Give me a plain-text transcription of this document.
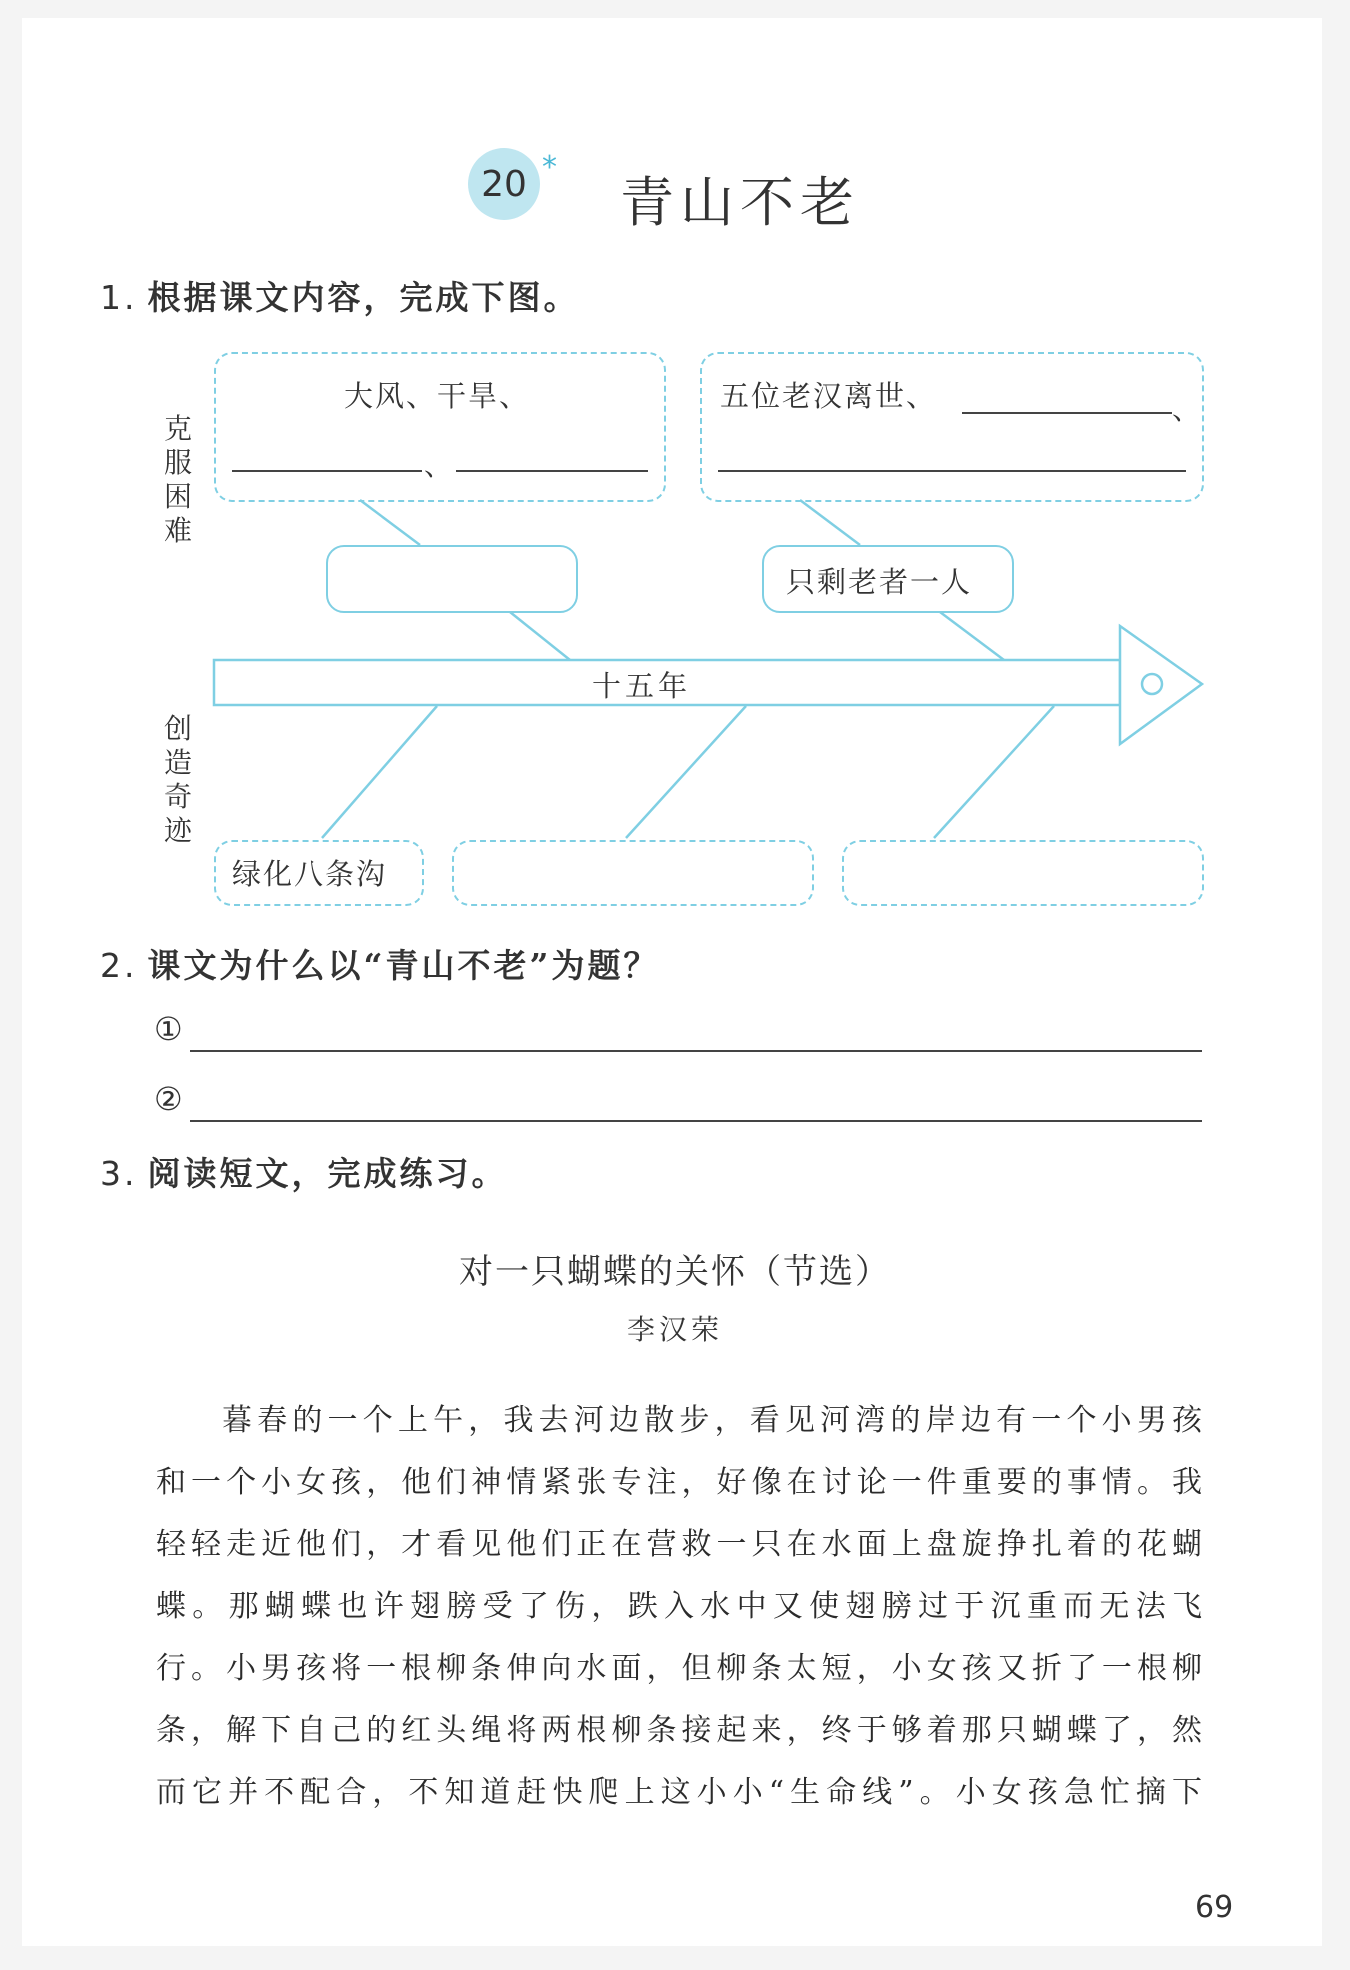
20 *
青山不老
1. 根据课文内容，完成下图。
克
服
困
难
创
造
奇
迹
大风、干旱、
、
五位老汉离世、	、
只剩老者一人
十五年
绿化八条沟
2. 课文为什么以“青山不老”为题？
①
②
3. 阅读短文，完成练习。
对一只蝴蝶的关怀（节选）
李汉荣

暮春的一个上午，我去河边散步，看见河湾的岸边有一个小男孩

和一个小女孩，他们神情紧张专注，好像在讨论一件重要的事情。我

轻轻走近他们，才看见他们正在营救一只在水面上盘旋挣扎着的花蝴

蝶。那蝴蝶也许翅膀受了伤，跌入水中又使翅膀过于沉重而无法飞

行。小男孩将一根柳条伸向水面，但柳条太短，小女孩又折了一根柳

条，解下自己的红头绳将两根柳条接起来，终于够着那只蝴蝶了，然

而它并不配合，不知道赶快爬上这小小“生命线”。小女孩急忙摘下

69
